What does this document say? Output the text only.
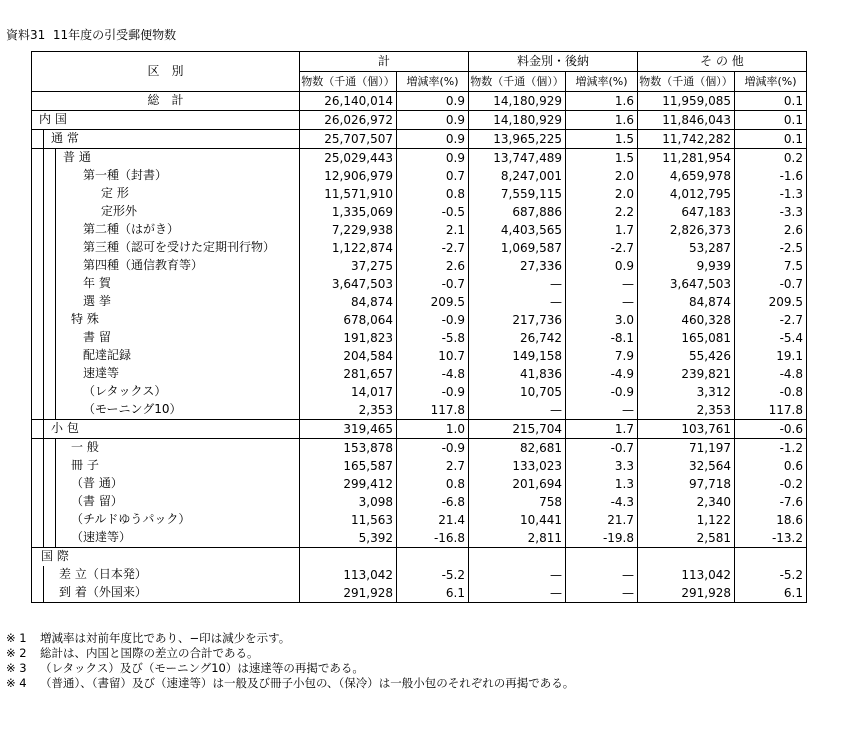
資料31  11年度の引受郵便物数
区　別	計		料金別・後納		そ の 他	
	物数（千通（個））	増減率(%)	物数（千通（個））	増減率(%)	物数（千通（個））	増減率(%)

総　計	26,140,014	0.9	14,180,929	1.6	11,959,085	0.1

内 国	26,026,972	0.9	14,180,929	1.6	11,846,043	0.1

通 常	25,707,507	0.9	13,965,225	1.5	11,742,282	0.1

普 通	25,029,443	0.9	13,747,489	1.5	11,281,954	0.2

第一種（封書）	12,906,979	0.7	8,247,001	2.0	4,659,978	-1.6

定 形	11,571,910	0.8	7,559,115	2.0	4,012,795	-1.3

定形外	1,335,069	-0.5	687,886	2.2	647,183	-3.3

第二種（はがき）	7,229,938	2.1	4,403,565	1.7	2,826,373	2.6

第三種（認可を受けた定期刊行物）	1,122,874	-2.7	1,069,587	-2.7	53,287	-2.5

第四種（通信教育等）	37,275	2.6	27,336	0.9	9,939	7.5

年 賀	3,647,503	-0.7	—	—	3,647,503	-0.7

選 挙	84,874	209.5	—	—	84,874	209.5

特 殊	678,064	-0.9	217,736	3.0	460,328	-2.7

書 留	191,823	-5.8	26,742	-8.1	165,081	-5.4

配達記録	204,584	10.7	149,158	7.9	55,426	19.1

速達等	281,657	-4.8	41,836	-4.9	239,821	-4.8

（レタックス）	14,017	-0.9	10,705	-0.9	3,312	-0.8

（モーニング10）	2,353	117.8	—	—	2,353	117.8

小 包	319,465	1.0	215,704	1.7	103,761	-0.6

一 般	153,878	-0.9	82,681	-0.7	71,197	-1.2

冊 子	165,587	2.7	133,023	3.3	32,564	0.6

（普 通）	299,412	0.8	201,694	1.3	97,718	-0.2

（書 留）	3,098	-6.8	758	-4.3	2,340	-7.6

（チルドゆうパック）	11,563	21.4	10,441	21.7	1,122	18.6

（速達等）	5,392	-16.8	2,811	-19.8	2,581	-13.2

国 際						

差 立（日本発）	113,042	-5.2	—	—	113,042	-5.2

到 着（外国来）	291,928	6.1	—	—	291,928	6.1
※ 1	増減率は対前年度比であり、−印は減少を示す。
※ 2	総計は、内国と国際の差立の合計である。
※ 3	（レタックス）及び（モーニング10）は速達等の再掲である。
※ 4	（普通）、（書留）及び（速達等）は一般及び冊子小包の、（保冷）は一般小包のそれぞれの再掲である。
